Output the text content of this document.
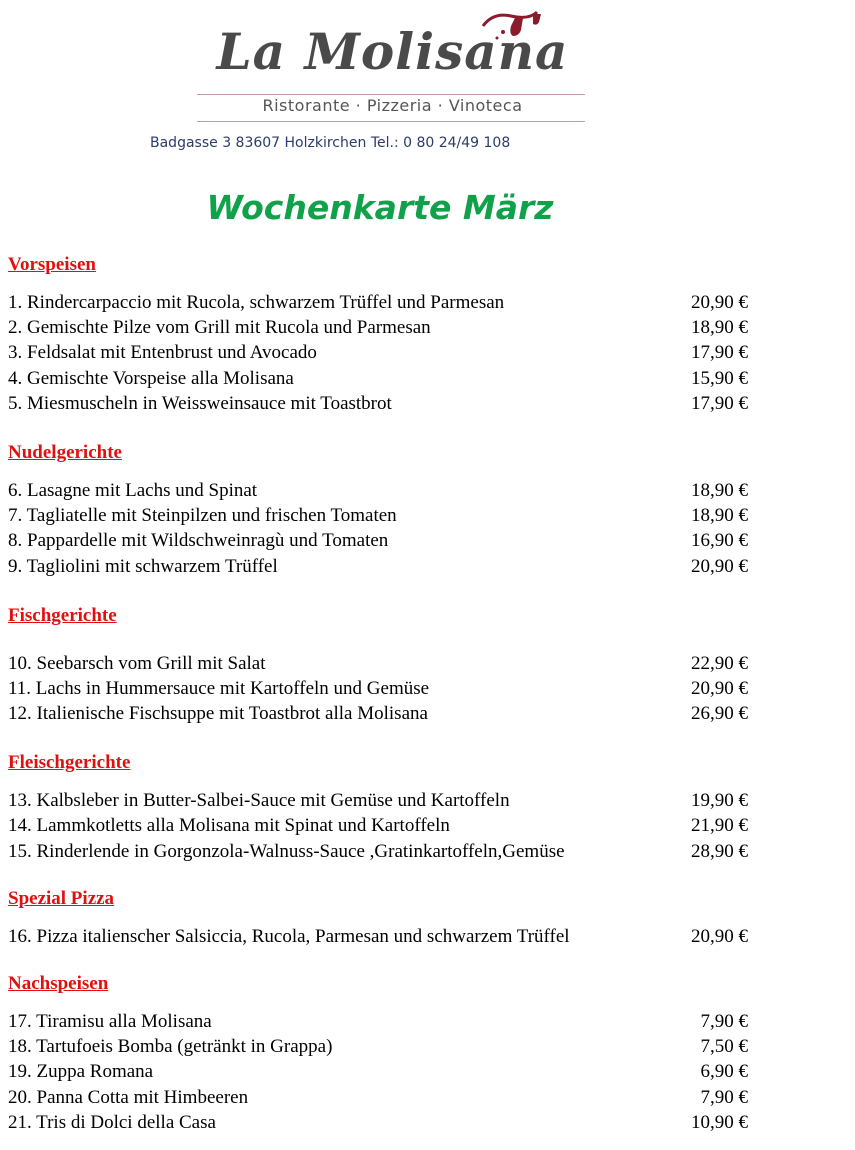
La Molisana
Ristorante · Pizzeria · Vinoteca
Badgasse 3 83607 Holzkirchen Tel.: 0 80 24/49 108
Wochenkarte März
Vorspeisen
1. Rindercarpaccio mit Rucola, schwarzem Trüffel und Parmesan	20,90 €
2. Gemischte Pilze vom Grill mit Rucola und Parmesan	18,90 €
3. Feldsalat mit Entenbrust und Avocado	17,90 €
4. Gemischte Vorspeise alla Molisana	15,90 €
5. Miesmuscheln in Weissweinsauce mit Toastbrot	17,90 €
Nudelgerichte
6. Lasagne mit Lachs und Spinat	18,90 €
7. Tagliatelle mit Steinpilzen und frischen Tomaten	18,90 €
8. Pappardelle mit Wildschweinragù und Tomaten	16,90 €
9. Tagliolini mit schwarzem Trüffel	20,90 €
Fischgerichte
10. Seebarsch vom Grill mit Salat	22,90 €
11. Lachs in Hummersauce mit Kartoffeln und Gemüse	20,90 €
12. Italienische Fischsuppe mit Toastbrot alla Molisana	26,90 €
Fleischgerichte
13. Kalbsleber in Butter-Salbei-Sauce mit Gemüse und Kartoffeln	19,90 €
14. Lammkotletts alla Molisana mit Spinat und Kartoffeln	21,90 €
15. Rinderlende in Gorgonzola-Walnuss-Sauce ,Gratinkartoffeln,Gemüse	28,90 €
Spezial Pizza
16. Pizza italienscher Salsiccia, Rucola, Parmesan und schwarzem Trüffel	20,90 €
Nachspeisen
17. Tiramisu alla Molisana	7,90 €
18. Tartufoeis Bomba (getränkt in Grappa)	7,50 €
19. Zuppa Romana	6,90 €
20. Panna Cotta mit Himbeeren	7,90 €
21. Tris di Dolci della Casa	10,90 €
